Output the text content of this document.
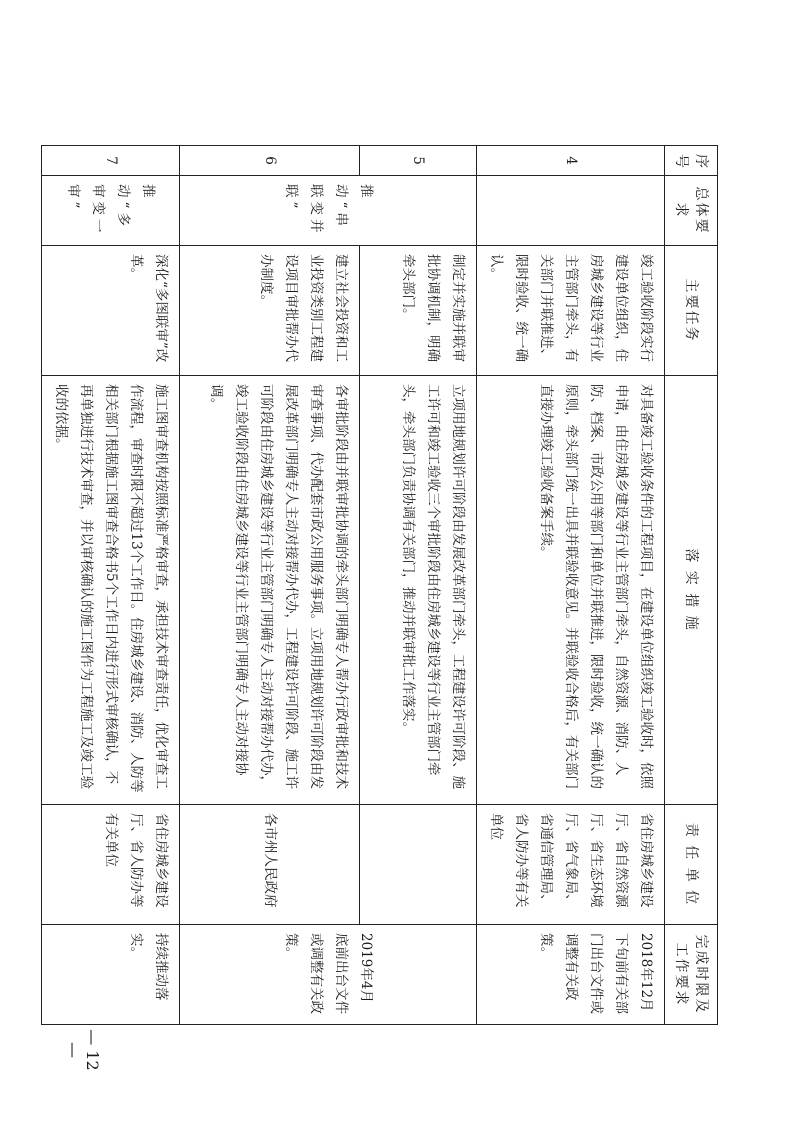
序号	总体要求	主要任务	落 实 措 施	责 任 单 位	完成时限及工作要求
4		竣工验收阶段实行建设单位组织，住房城乡建设等行业主管部门牵头，有关部门并联推进、限时验收、统一确认。	对具备竣工验收条件的工程项目，在建设单位组织竣工验收时，依照申请，由住房城乡建设等行业主管部门牵头，自然资源、消防、人防、档案、市政公用等部门和单位并联推进，限时验收，统一确认的原则，牵头部门统一出具并联验收意见。并联验收合格后，有关部门直接办理竣工验收备案手续。	省住房城乡建设厅、省自然资源厅、省生态环境厅、省气象局、省通信管理局、省人防办等有关单位	2018年12月下旬前有关部门出台文件或调整有关政策。
5	推动“串联变并联”	制定并实施并联审批协调机制，明确牵头部门。	立项用地规划许可阶段由发展改革部门牵头，工程建设许可阶段、施工许可和竣工验收三个审批阶段由住房城乡建设等行业主管部门牵头，牵头部门负责协调有关部门，推动并联审批工作落实。		2019年4月底前出台文件或调整有关政策。
6		建立社会投资和工业投资类别工程建设项目审批帮办代办制度。	各审批阶段由并联审批协调的牵头部门明确专人帮办行政审批和技术审查事项、代办配套市政公用服务事项。立项用地规划许可阶段由发展改革部门明确专人主动对接帮办代办，工程建设许可阶段、施工许可阶段由住房城乡建设等行业主管部门明确专人主动对接帮办代办，竣工验收阶段由住房城乡建设等行业主管部门明确专人主动对接协调。	各市州人民政府	
7	推动“多审变一审”	深化“多图联审”改革。	施工图审查机构按照标准严格审查，承担技术审查责任，优化审查工作流程，审查时限不超过13个工作日。住房城乡建设、消防、人防等相关部门根据施工图审查合格书5个工作日内进行形式审核确认，不再单独进行技术审查，并以审核确认的施工图作为工程施工及竣工验收的依据。	省住房城乡建设厅、省人防办等有关单位	持续推动落实。
— 12 —
